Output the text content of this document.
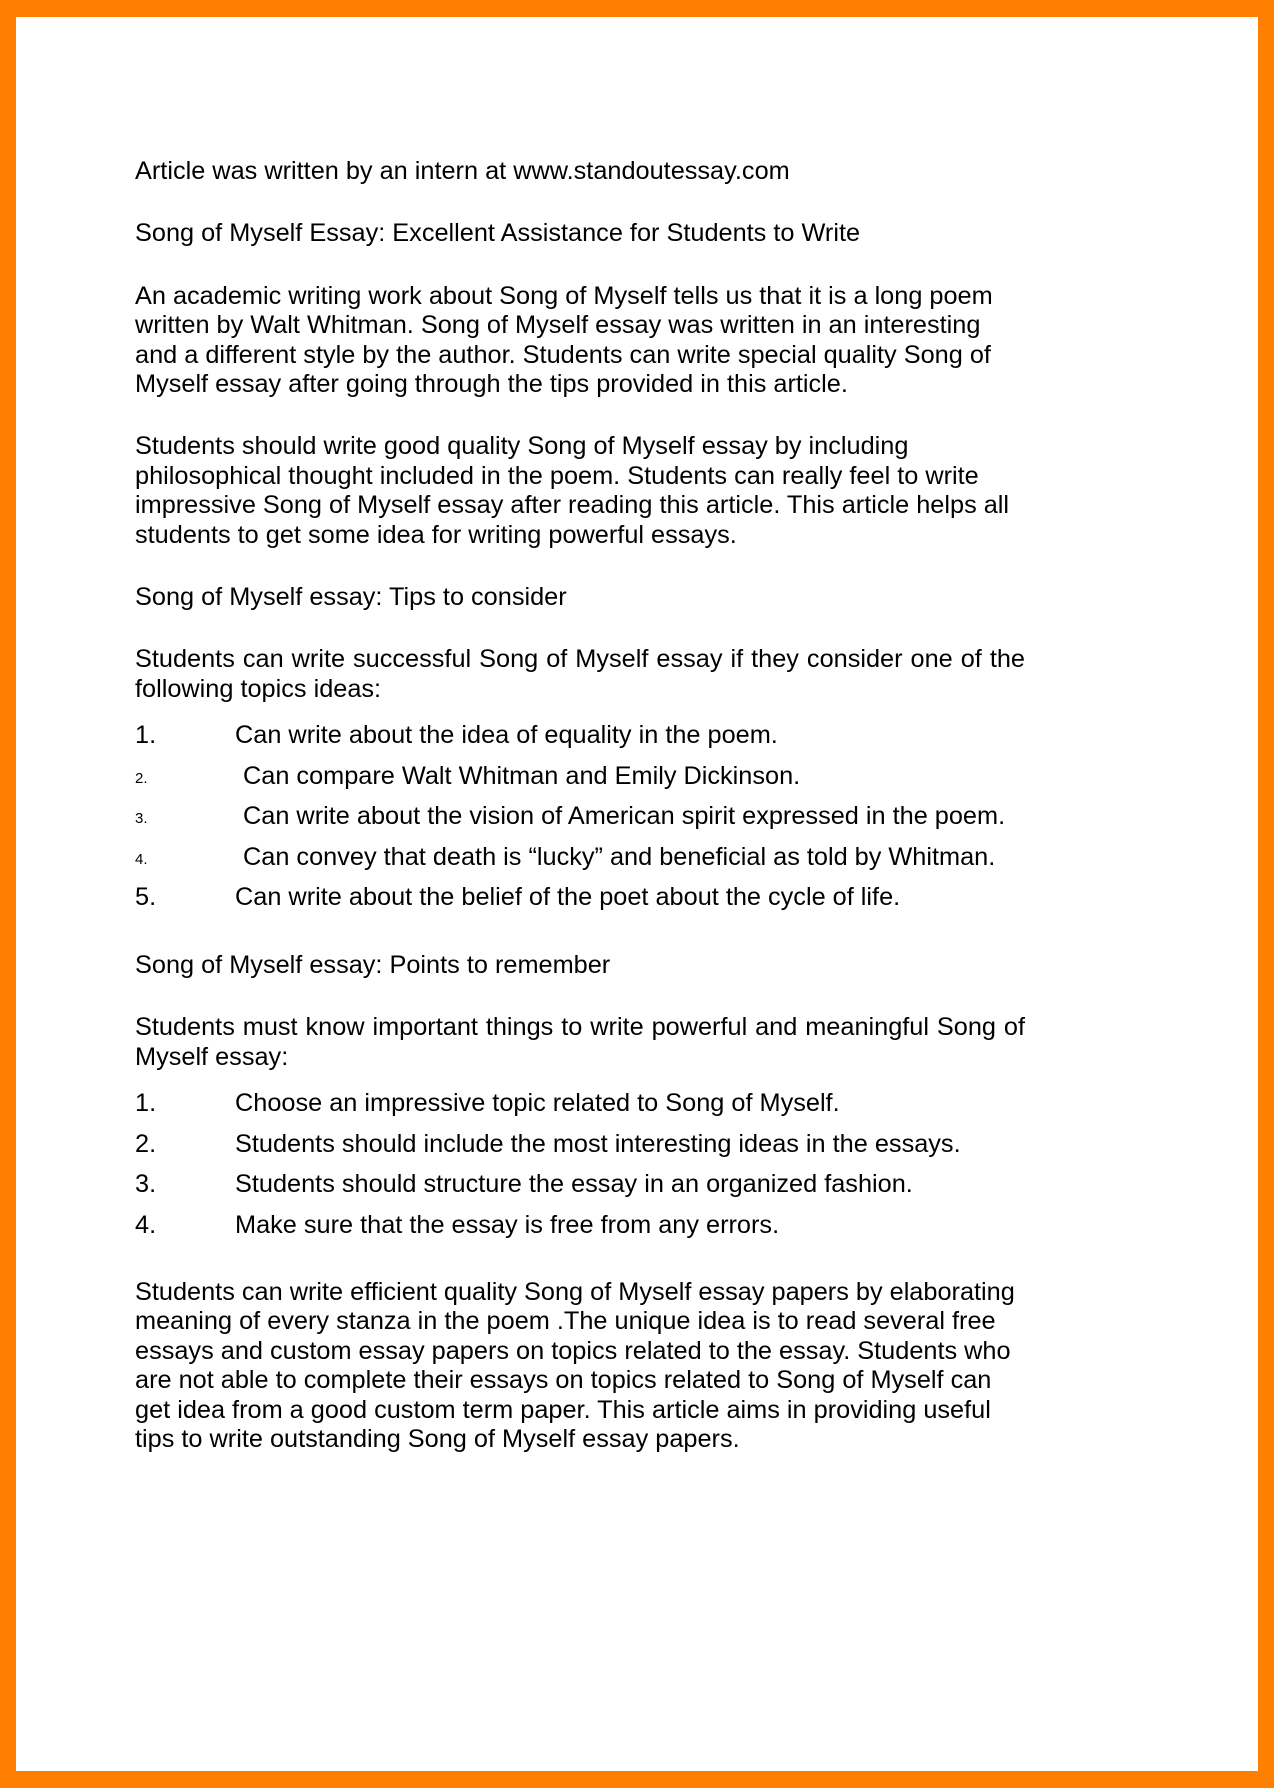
Article was written by an intern at www.standoutessay.com

Song of Myself Essay: Excellent Assistance for Students to Write

An academic writing work about Song of Myself tells us that it is a long poem written by Walt Whitman. Song of Myself essay was written in an interesting and a different style by the author. Students can write special quality Song of Myself essay after going through the tips provided in this article.

Students should write good quality Song of Myself essay by including philosophical thought included in the poem. Students can really feel to write impressive Song of Myself essay after reading this article. This article helps all students to get some idea for writing powerful essays.

Song of Myself essay: Tips to consider

Students can write successful Song of Myself essay if they consider one of the following topics ideas:

1.	Can write about the idea of equality in the poem.
2.	Can compare Walt Whitman and Emily Dickinson.
3.	Can write about the vision of American spirit expressed in the poem.
4.	Can convey that death is “lucky” and beneficial as told by Whitman.
5.	Can write about the belief of the poet about the cycle of life.

Song of Myself essay: Points to remember

Students must know important things to write powerful and meaningful Song of Myself essay:

1.	Choose an impressive topic related to Song of Myself.
2.	Students should include the most interesting ideas in the essays.
3.	Students should structure the essay in an organized fashion.
4.	Make sure that the essay is free from any errors.

Students can write efficient quality Song of Myself essay papers by elaborating meaning of every stanza in the poem .The unique idea is to read several free essays and custom essay papers on topics related to the essay. Students who are not able to complete their essays on topics related to Song of Myself can get idea from a good custom term paper. This article aims in providing useful tips to write outstanding Song of Myself essay papers.
